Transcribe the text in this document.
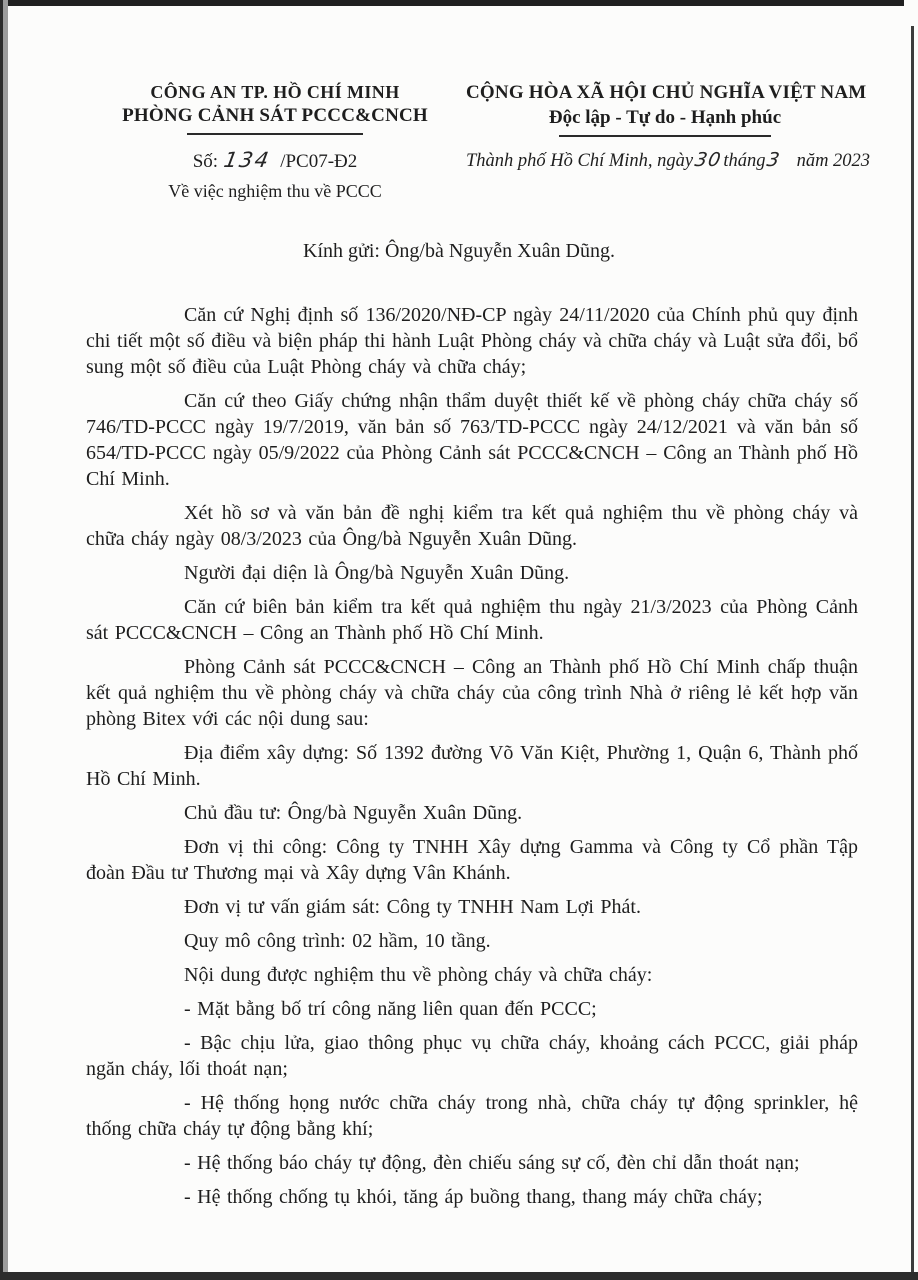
CÔNG AN TP. HỒ CHÍ MINH
PHÒNG CẢNH SÁT PCCC&CNCH
Số: 134 /PC07-Đ2
Về việc nghiệm thu về PCCC
CỘNG HÒA XÃ HỘI CHỦ NGHĨA VIỆT NAM
Độc lập - Tự do - Hạnh phúc
Thành phố Hồ Chí Minh, ngày30tháng3 năm 2023
Kính gửi: Ông/bà Nguyễn Xuân Dũng.

Căn cứ Nghị định số 136/2020/NĐ-CP ngày 24/11/2020 của Chính phủ quy định chi tiết một số điều và biện pháp thi hành Luật Phòng cháy và chữa cháy và Luật sửa đổi, bổ sung một số điều của Luật Phòng cháy và chữa cháy;

Căn cứ theo Giấy chứng nhận thẩm duyệt thiết kế về phòng cháy chữa cháy số 746/TD-PCCC ngày 19/7/2019, văn bản số 763/TD-PCCC ngày 24/12/2021 và văn bản số 654/TD-PCCC ngày 05/9/2022 của Phòng Cảnh sát PCCC&CNCH – Công an Thành phố Hồ Chí Minh.

Xét hồ sơ và văn bản đề nghị kiểm tra kết quả nghiệm thu về phòng cháy và chữa cháy ngày 08/3/2023 của Ông/bà Nguyễn Xuân Dũng.

Người đại diện là Ông/bà Nguyễn Xuân Dũng.

Căn cứ biên bản kiểm tra kết quả nghiệm thu ngày 21/3/2023 của Phòng Cảnh sát PCCC&CNCH – Công an Thành phố Hồ Chí Minh.

Phòng Cảnh sát PCCC&CNCH – Công an Thành phố Hồ Chí Minh chấp thuận kết quả nghiệm thu về phòng cháy và chữa cháy của công trình Nhà ở riêng lẻ kết hợp văn phòng Bitex với các nội dung sau:

Địa điểm xây dựng: Số 1392 đường Võ Văn Kiệt, Phường 1, Quận 6, Thành phố Hồ Chí Minh.

Chủ đầu tư: Ông/bà Nguyễn Xuân Dũng.

Đơn vị thi công: Công ty TNHH Xây dựng Gamma và Công ty Cổ phần Tập đoàn Đầu tư Thương mại và Xây dựng Vân Khánh.

Đơn vị tư vấn giám sát: Công ty TNHH Nam Lợi Phát.

Quy mô công trình: 02 hầm, 10 tầng.

Nội dung được nghiệm thu về phòng cháy và chữa cháy:

- Mặt bằng bố trí công năng liên quan đến PCCC;

- Bậc chịu lửa, giao thông phục vụ chữa cháy, khoảng cách PCCC, giải pháp ngăn cháy, lối thoát nạn;

- Hệ thống họng nước chữa cháy trong nhà, chữa cháy tự động sprinkler, hệ thống chữa cháy tự động bằng khí;

- Hệ thống báo cháy tự động, đèn chiếu sáng sự cố, đèn chỉ dẫn thoát nạn;

- Hệ thống chống tụ khói, tăng áp buồng thang, thang máy chữa cháy;
